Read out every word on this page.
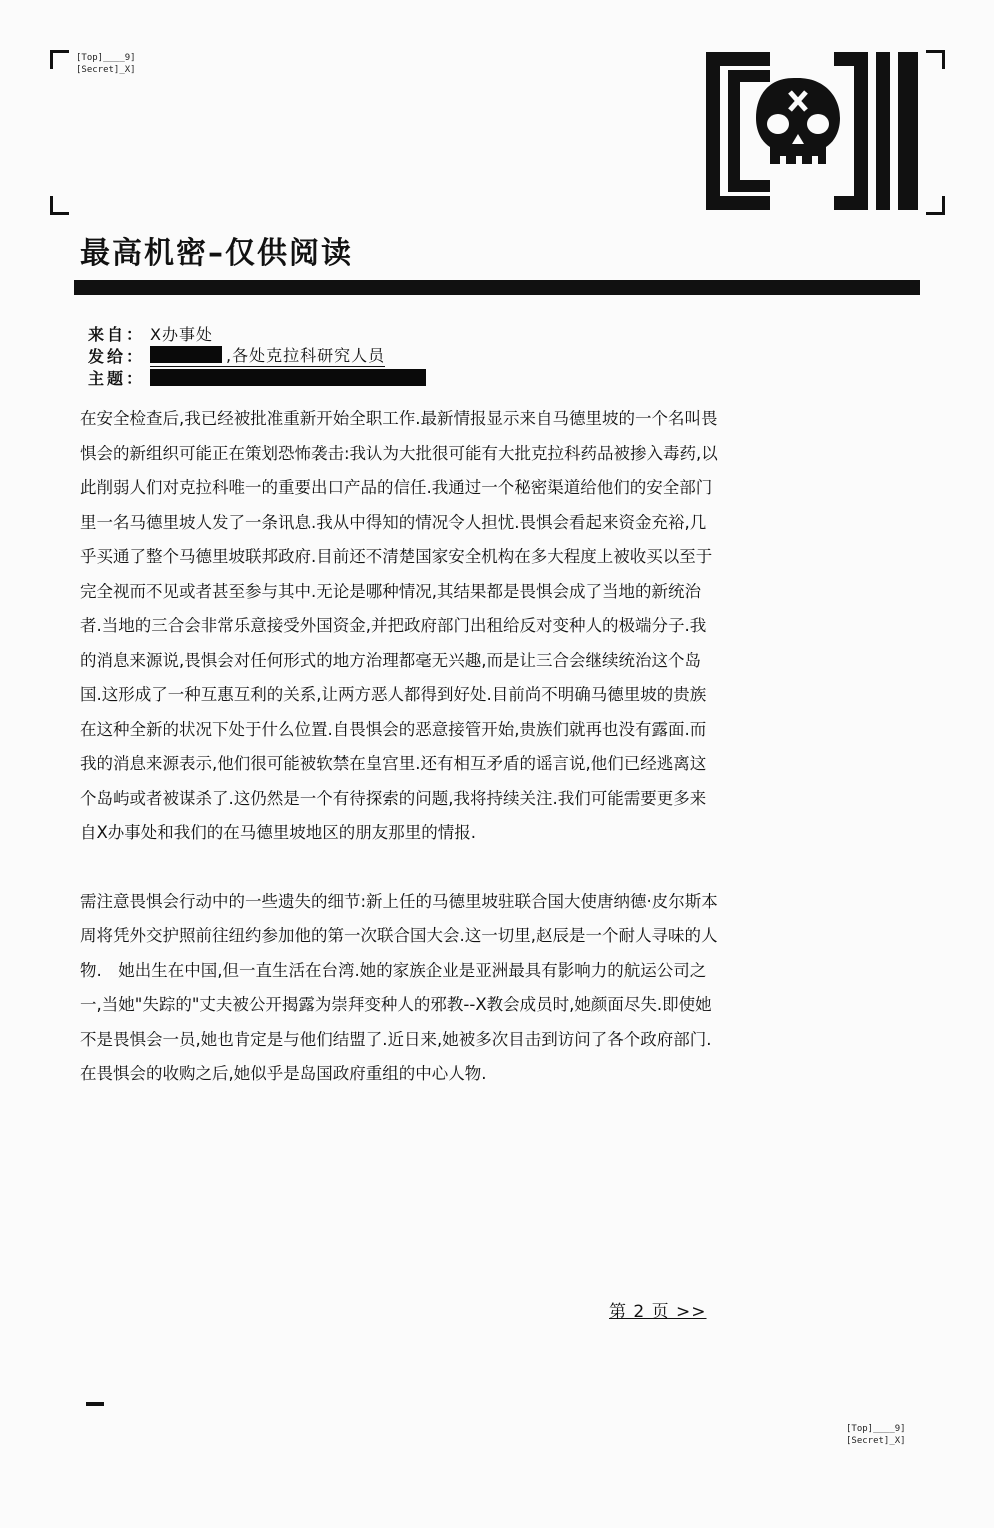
[Top]____9]
[Secret]_X]
最高机密–仅供阅读
来自： X办事处
发给：	,各处克拉科研究人员
主题：

在安全检查后,我已经被批准重新开始全职工作.最新情报显示来自马德里坡的一个名叫畏惧会的新组织可能正在策划恐怖袭击:我认为大批很可能有大批克拉科药品被掺入毒药,以此削弱人们对克拉科唯一的重要出口产品的信任.我通过一个秘密渠道给他们的安全部门里一名马德里坡人发了一条讯息.我从中得知的情况令人担忧.畏惧会看起来资金充裕,几乎买通了整个马德里坡联邦政府.目前还不清楚国家安全机构在多大程度上被收买以至于完全视而不见或者甚至参与其中.无论是哪种情况,其结果都是畏惧会成了当地的新统治者.当地的三合会非常乐意接受外国资金,并把政府部门出租给反对变种人的极端分子.我的消息来源说,畏惧会对任何形式的地方治理都毫无兴趣,而是让三合会继续统治这个岛国.这形成了一种互惠互利的关系,让两方恶人都得到好处.目前尚不明确马德里坡的贵族在这种全新的状况下处于什么位置.自畏惧会的恶意接管开始,贵族们就再也没有露面.而我的消息来源表示,他们很可能被软禁在皇宫里.还有相互矛盾的谣言说,他们已经逃离这个岛屿或者被谋杀了.这仍然是一个有待探索的问题,我将持续关注.我们可能需要更多来自X办事处和我们的在马德里坡地区的朋友那里的情报.

需注意畏惧会行动中的一些遗失的细节:新上任的马德里坡驻联合国大使唐纳德·皮尔斯本周将凭外交护照前往纽约参加他的第一次联合国大会.这一切里,赵辰是一个耐人寻味的人物.　她出生在中国,但一直生活在台湾.她的家族企业是亚洲最具有影响力的航运公司之一,当她"失踪的"丈夫被公开揭露为崇拜变种人的邪教--X教会成员时,她颜面尽失.即使她不是畏惧会一员,她也肯定是与他们结盟了.近日来,她被多次目击到访问了各个政府部门.在畏惧会的收购之后,她似乎是岛国政府重组的中心人物.

第 2 页 >>
[Top]____9]
[Secret]_X]
